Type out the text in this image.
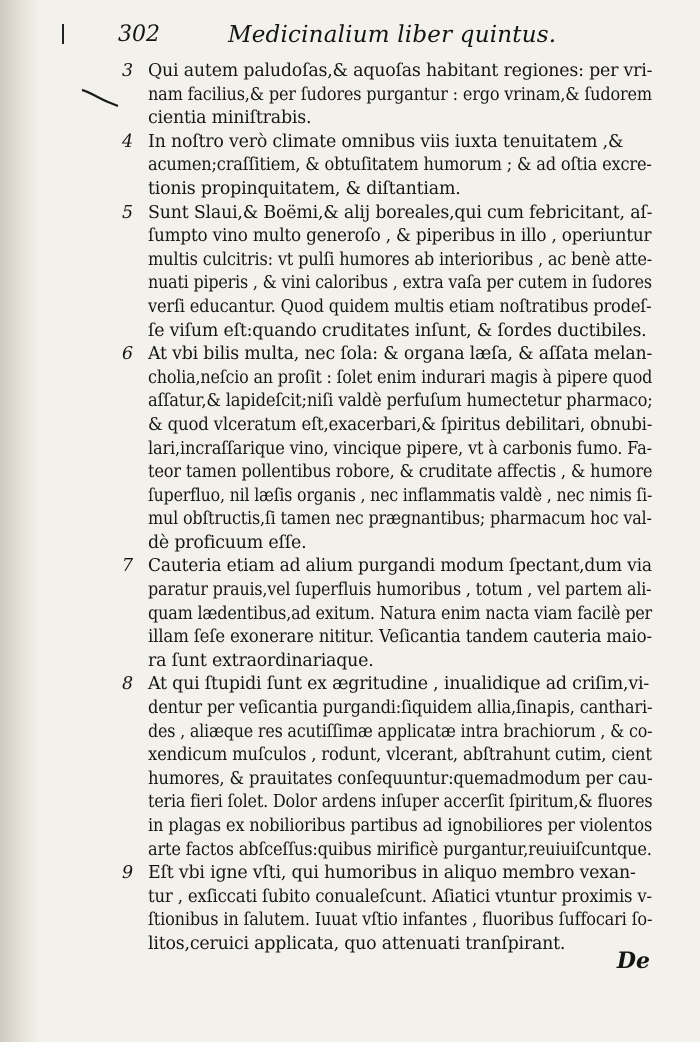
302	Medicinalium liber quintus.
3 Qui autem paludoſas,& aquoſas habitant regiones: per vri-
nam facilius,& per ſudores purgantur : ergo vrinam,& ſudorem
cientia miniſtrabis.
4 In noſtro verò climate omnibus viis iuxta tenuitatem ,&
acumen;craſſitiem, & obtuſitatem humorum ; & ad oſtia excre-
tionis propinquitatem, & diſtantiam.
5 Sunt Slaui,& Boëmi,& alij boreales,qui cum febricitant, aſ-
ſumpto vino multo generoſo , & piperibus in illo , operiuntur
multis culcitris: vt pulſi humores ab interioribus , ac benè atte-
nuati piperis , & vini caloribus , extra vaſa per cutem in ſudores
verſi educantur. Quod quidem multis etiam noſtratibus prodeſ-
ſe viſum eſt:quando cruditates inſunt, & ſordes ductibiles.
6 At vbi bilis multa, nec ſola: & organa læſa, & aſſata melan-
cholia,neſcio an proſit : ſolet enim indurari magis à pipere quod
aſſatur,& lapideſcit;niſi valdè perfuſum humectetur pharmaco;
& quod vlceratum eſt,exacerbari,& ſpiritus debilitari, obnubi-
lari,incraſſarique vino, vincique pipere, vt à carbonis fumo. Fa-
teor tamen pollentibus robore, & cruditate affectis , & humore
ſuperfluo, nil læſis organis , nec inflammatis valdè , nec nimis ſi-
mul obſtructis,ſi tamen nec prægnantibus; pharmacum hoc val-
dè proficuum eſſe.
7 Cauteria etiam ad alium purgandi modum ſpectant,dum via
paratur prauis,vel ſuperfluis humoribus , totum , vel partem ali-
quam lædentibus,ad exitum. Natura enim nacta viam facilè per
illam ſeſe exonerare nititur. Veſicantia tandem cauteria maio-
ra ſunt extraordinariaque.
8 At qui ſtupidi ſunt ex ægritudine , inualidique ad criſim,vi-
dentur per veſicantia purgandi:ſiquidem allia,ſinapis, canthari-
des , aliæque res acutiſſimæ applicatæ intra brachiorum , & co-
xendicum muſculos , rodunt, vlcerant, abſtrahunt cutim, cient
humores, & prauitates conſequuntur:quemadmodum per cau-
teria fieri ſolet. Dolor ardens inſuper accerſit ſpiritum,& fluores
in plagas ex nobilioribus partibus ad ignobiliores per violentos
arte factos abſceſſus:quibus mirificè purgantur,reuiuiſcuntque.
9 Eſt vbi igne vſti, qui humoribus in aliquo membro vexan-
tur , exſiccati ſubito conualeſcunt. Aſiatici vtuntur proximis v-
ſtionibus in ſalutem. Iuuat vſtio infantes , fluoribus ſuffocari ſo-
litos,ceruici applicata, quo attenuati tranſpirant.
De
